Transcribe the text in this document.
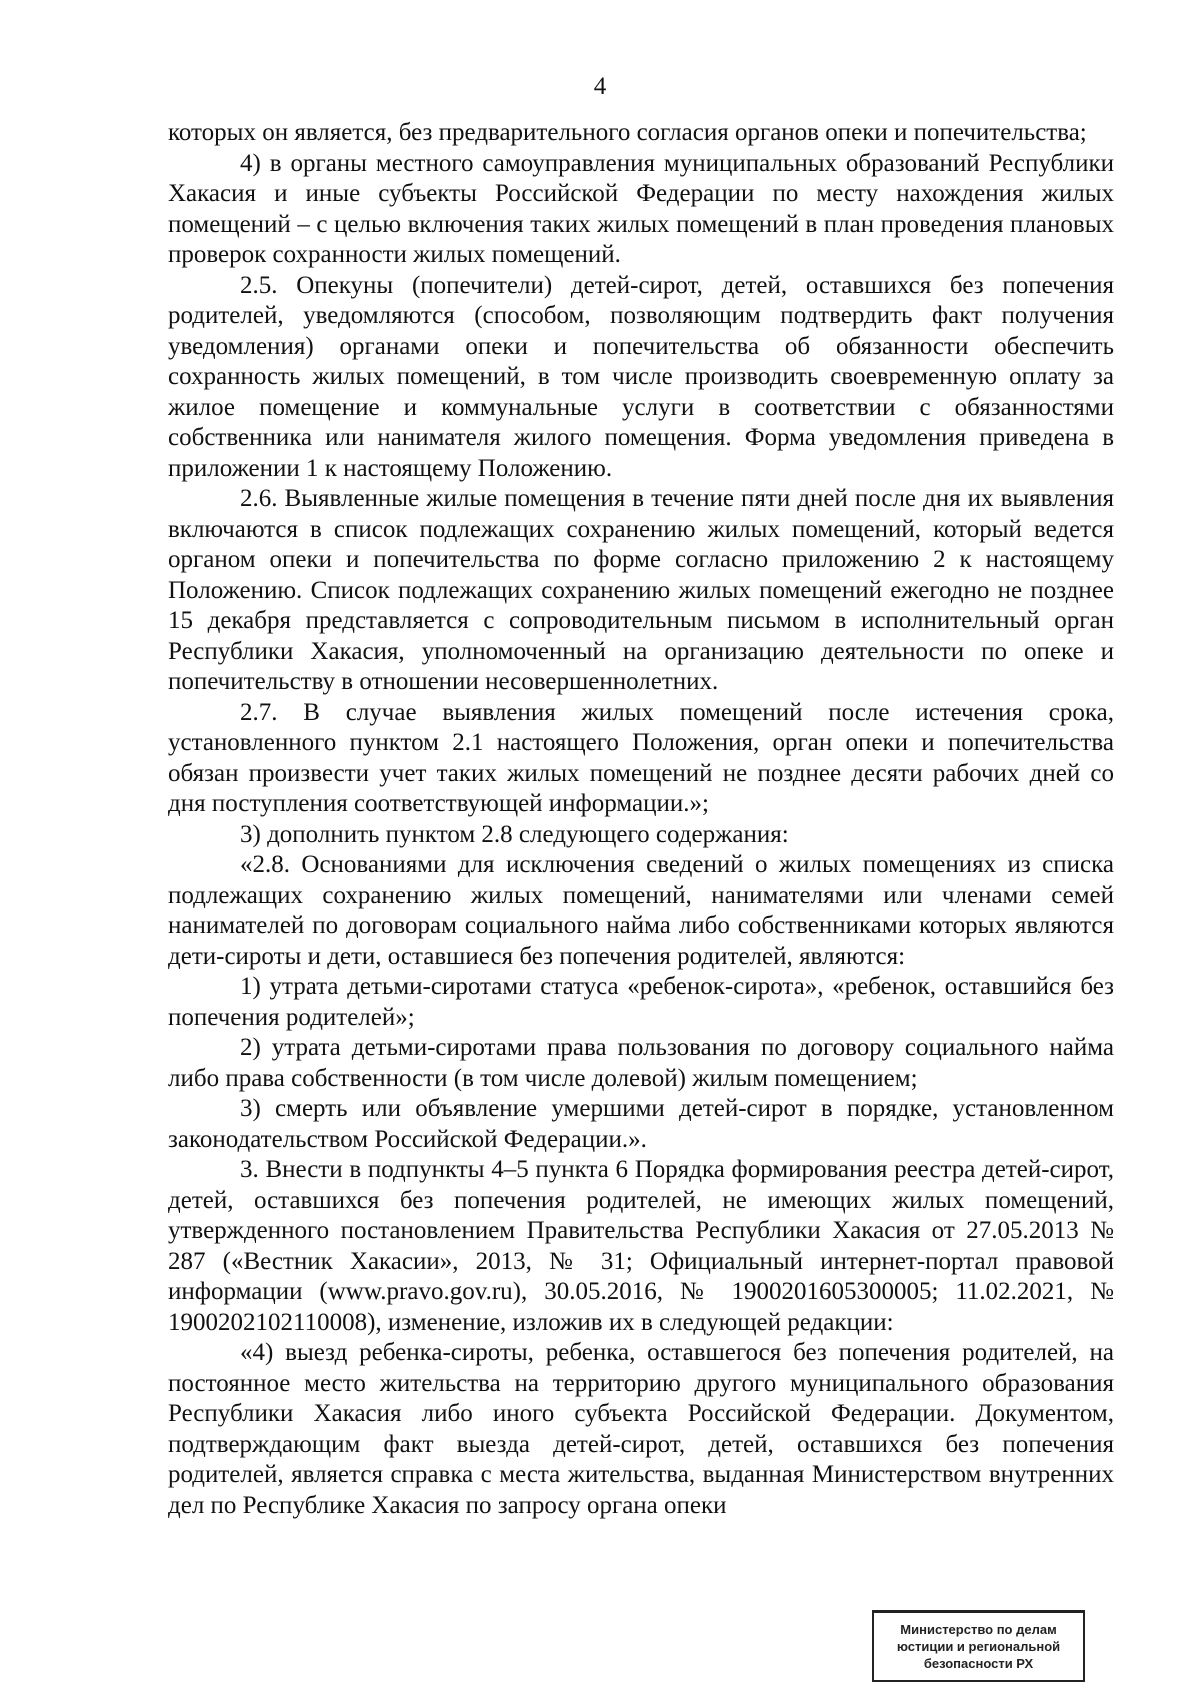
4

которых он является, без предварительного согласия органов опеки и попечительства;

4) в органы местного самоуправления муниципальных образований Республики Хакасия и иные субъекты Российской Федерации по месту нахождения жилых помещений – с целью включения таких жилых помещений в план проведения плановых проверок сохранности жилых помещений.

2.5. Опекуны (попечители) детей-сирот, детей, оставшихся без попечения родителей, уведомляются (способом, позволяющим подтвердить факт получения уведомления) органами опеки и попечительства об обязанности обеспечить сохранность жилых помещений, в том числе производить своевременную оплату за жилое помещение и коммунальные услуги в соответствии с обязанностями собственника или нанимателя жилого помещения. Форма уведомления приведена в приложении 1 к настоящему Положению.

2.6. Выявленные жилые помещения в течение пяти дней после дня их выявления включаются в список подлежащих сохранению жилых помещений, который ведется органом опеки и попечительства по форме согласно приложению 2 к настоящему Положению. Список подлежащих сохранению жилых помещений ежегодно не позднее 15 декабря представляется с сопроводительным письмом в исполнительный орган Республики Хакасия, уполномоченный на организацию деятельности по опеке и попечительству в отношении несовершеннолетних.

2.7. В случае выявления жилых помещений после истечения срока, установленного пунктом 2.1 настоящего Положения, орган опеки и попечительства обязан произвести учет таких жилых помещений не позднее десяти рабочих дней со дня поступления соответствующей информации.»;

3) дополнить пунктом 2.8 следующего содержания:

«2.8. Основаниями для исключения сведений о жилых помещениях из списка подлежащих сохранению жилых помещений, нанимателями или членами семей нанимателей по договорам социального найма либо собственниками которых являются дети-сироты и дети, оставшиеся без попечения родителей, являются:

1) утрата детьми-сиротами статуса «ребенок-сирота», «ребенок, оставшийся без попечения родителей»;

2) утрата детьми-сиротами права пользования по договору социального найма либо права собственности (в том числе долевой) жилым помещением;

3) смерть или объявление умершими детей-сирот в порядке, установленном законодательством Российской Федерации.».

3. Внести в подпункты 4–5 пункта 6 Порядка формирования реестра детей-сирот, детей, оставшихся без попечения родителей, не имеющих жилых помещений, утвержденного постановлением Правительства Республики Хакасия от 27.05.2013 № 287 («Вестник Хакасии», 2013, № 31; Официальный интернет-портал правовой информации (www.pravo.gov.ru), 30.05.2016, № 1900201605300005; 11.02.2021, № 1900202102110008), изменение, изложив их в следующей редакции:

«4) выезд ребенка-сироты, ребенка, оставшегося без попечения родителей, на постоянное место жительства на территорию другого муниципального образования Республики Хакасия либо иного субъекта Российской Федерации. Документом, подтверждающим факт выезда детей-сирот, детей, оставшихся без попечения родителей, является справка с места жительства, выданная Министерством внутренних дел по Республике Хакасия по запросу органа опеки

Министерство по делам
юстиции и региональной
безопасности РХ
